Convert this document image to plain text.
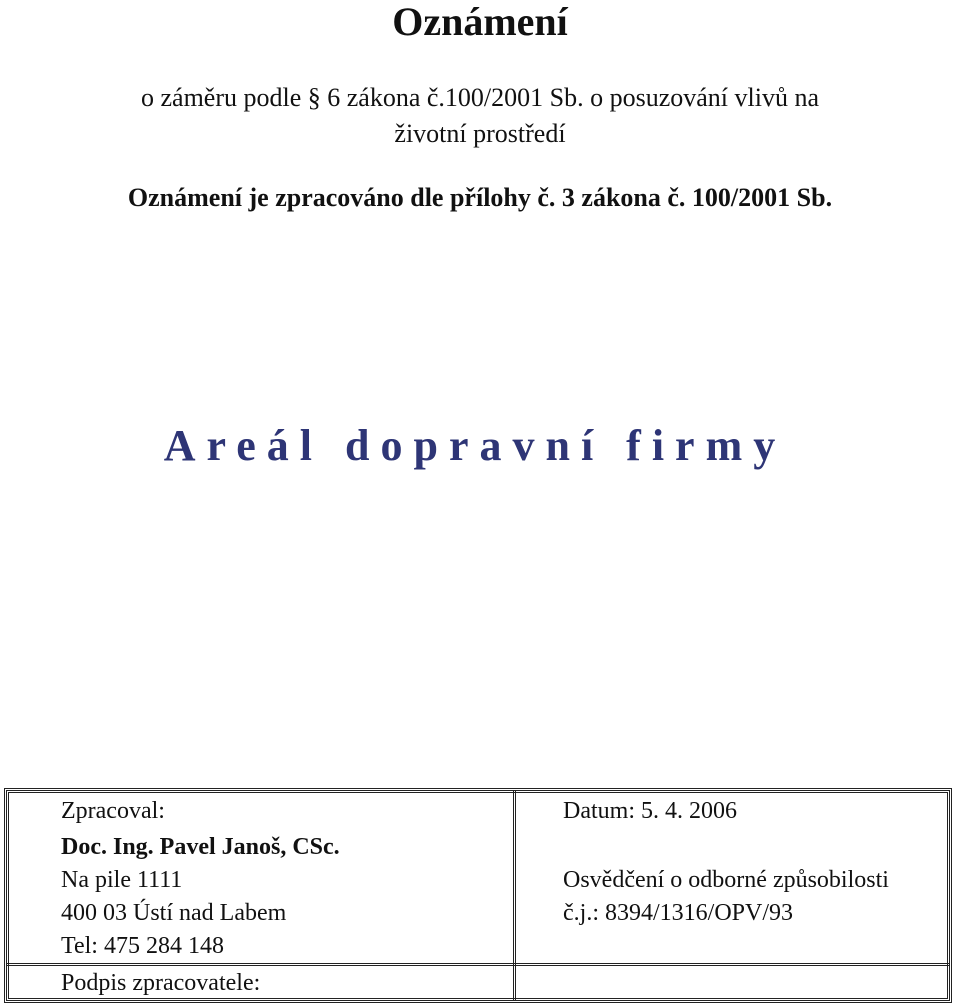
Oznámení
o záměru podle § 6 zákona č.100/2001 Sb. o posuzování vlivů na
životní prostředí
Oznámení je zpracováno dle přílohy č. 3 zákona č. 100/2001 Sb.
Areál dopravní firmy
Zpracoval:	Datum: 5. 4. 2006
Doc. Ing. Pavel Janoš, CSc.
Na pile 1111
400 03 Ústí nad Labem
Tel: 475 284 148
Osvědčení o odborné způsobilosti
č.j.: 8394/1316/OPV/93
Podpis zpracovatele:
